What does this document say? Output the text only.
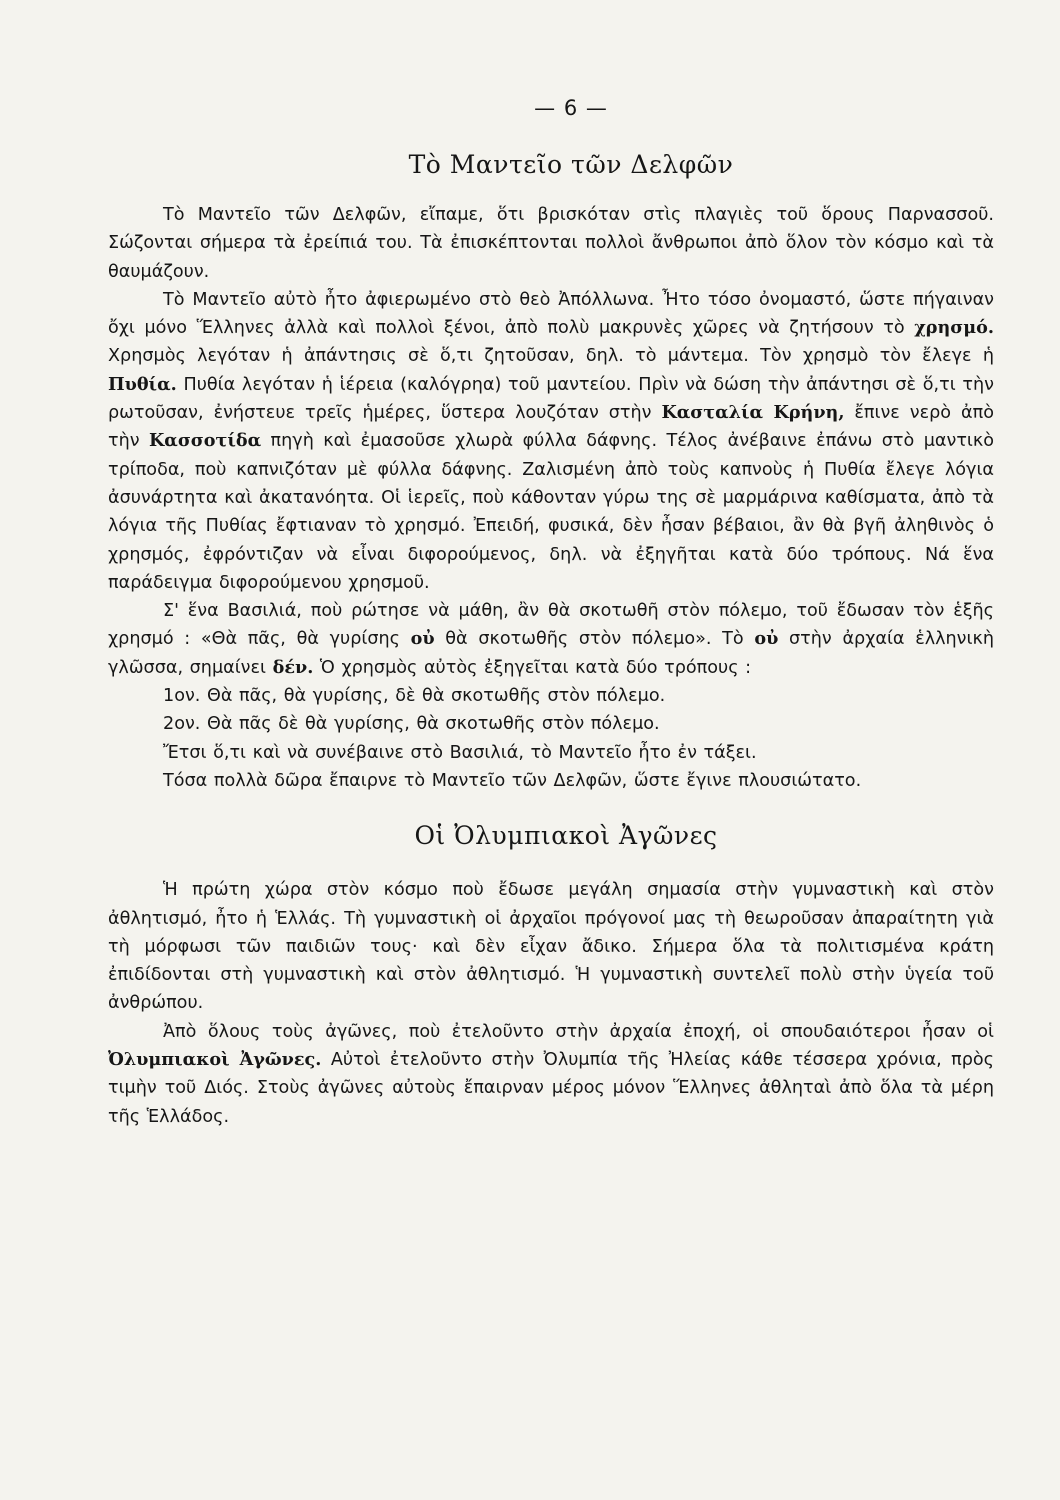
— 6 —
Τὸ Μαντεῖο τῶν Δελφῶν

Τὸ Μαντεῖο τῶν Δελφῶν, εἴπαμε, ὅτι βρισκόταν στὶς πλαγιὲς τοῦ ὅρους Παρνασσοῦ. Σώζονται σήμερα τὰ ἐρείπιά του. Τὰ ἐπισκέπτονται πολλοὶ ἄνθρωποι ἀπὸ ὅλον τὸν κόσμο καὶ τὰ θαυμάζουν.

Τὸ Μαντεῖο αὐτὸ ἦτο ἀφιερωμένο στὸ θεὸ Ἀπόλλωνα. Ἦτο τόσο ὀνομαστό, ὥστε πήγαιναν ὄχι μόνο Ἕλληνες ἀλλὰ καὶ πολλοὶ ξένοι, ἀπὸ πολὺ μακρυνὲς χῶρες νὰ ζητήσουν τὸ χρησμό. Χρησμὸς λεγόταν ἡ ἀπάντησις σὲ ὅ,τι ζητοῦσαν, δηλ. τὸ μάντεμα. Τὸν χρησμὸ τὸν ἔλεγε ἡ Πυθία. Πυθία λεγόταν ἡ ἱέρεια (καλόγρηα) τοῦ μαντείου. Πρὶν νὰ δώση τὴν ἀπάντησι σὲ ὅ,τι τὴν ρωτοῦσαν, ἐνήστευε τρεῖς ἡμέρες, ὕστερα λουζόταν στὴν Κασταλία Κρήνη, ἔπινε νερὸ ἀπὸ τὴν Κασσοτίδα πηγὴ καὶ ἐμασοῦσε χλωρὰ φύλλα δάφνης. Τέλος ἀνέβαινε ἐπάνω στὸ μαντικὸ τρίποδα, ποὺ καπνιζόταν μὲ φύλλα δάφνης. Ζαλισμένη ἀπὸ τοὺς καπνοὺς ἡ Πυθία ἔλεγε λόγια ἀσυνάρτητα καὶ ἀκατανόητα. Οἱ ἱερεῖς, ποὺ κάθονταν γύρω της σὲ μαρμάρινα καθίσματα, ἀπὸ τὰ λόγια τῆς Πυθίας ἔφτιαναν τὸ χρησμό. Ἐπειδή, φυσικά, δὲν ἦσαν βέβαιοι, ἂν θὰ βγῆ ἀληθινὸς ὁ χρησμός, ἐφρόντιζαν νὰ εἶναι διφορούμενος, δηλ. νὰ ἐξηγῆται κατὰ δύο τρόπους. Νά ἕνα παράδειγμα διφορούμενου χρησμοῦ.

Σ' ἕνα Βασιλιά, ποὺ ρώτησε νὰ μάθη, ἂν θὰ σκοτωθῆ στὸν πόλεμο, τοῦ ἔδωσαν τὸν ἑξῆς χρησμό : «Θὰ πᾶς, θὰ γυρίσης οὐ θὰ σκοτωθῆς στὸν πόλεμο». Τὸ οὐ στὴν ἀρχαία ἑλληνικὴ γλῶσσα, σημαίνει δέν. Ὁ χρησμὸς αὐτὸς ἐξηγεῖται κατὰ δύο τρόπους :

1ον. Θὰ πᾶς, θὰ γυρίσης, δὲ θὰ σκοτωθῆς στὸν πόλεμο.

2ον. Θὰ πᾶς δὲ θὰ γυρίσης, θὰ σκοτωθῆς στὸν πόλεμο.

Ἔτσι ὅ,τι καὶ νὰ συνέβαινε στὸ Βασιλιά, τὸ Μαντεῖο ἦτο ἐν τάξει.

Τόσα πολλὰ δῶρα ἔπαιρνε τὸ Μαντεῖο τῶν Δελφῶν, ὥστε ἔγινε πλουσιώτατο.

Οἱ Ὀλυμπιακοὶ Ἀγῶνες

Ἡ πρώτη χώρα στὸν κόσμο ποὺ ἔδωσε μεγάλη σημασία στὴν γυμναστικὴ καὶ στὸν ἀθλητισμό, ἦτο ἡ Ἑλλάς. Τὴ γυμναστικὴ οἱ ἀρχαῖοι πρόγονοί μας τὴ θεωροῦσαν ἀπαραίτητη γιὰ τὴ μόρφωσι τῶν παιδιῶν τους· καὶ δὲν εἶχαν ἄδικο. Σήμερα ὅλα τὰ πολιτισμένα κράτη ἐπιδίδονται στὴ γυμναστικὴ καὶ στὸν ἀθλητισμό. Ἡ γυμναστικὴ συντελεῖ πολὺ στὴν ὑγεία τοῦ ἀνθρώπου.

Ἀπὸ ὅλους τοὺς ἀγῶνες, ποὺ ἐτελοῦντο στὴν ἀρχαία ἐποχή, οἱ σπουδαιότεροι ἦσαν οἱ Ὀλυμπιακοὶ Ἀγῶνες. Αὐτοὶ ἐτελοῦντο στὴν Ὀλυμπία τῆς Ἠλείας κάθε τέσσερα χρόνια, πρὸς τιμὴν τοῦ Διός. Στοὺς ἀγῶνες αὐτοὺς ἔπαιρναν μέρος μόνον Ἕλληνες ἀθληταὶ ἀπὸ ὅλα τὰ μέρη τῆς Ἑλλάδος.
